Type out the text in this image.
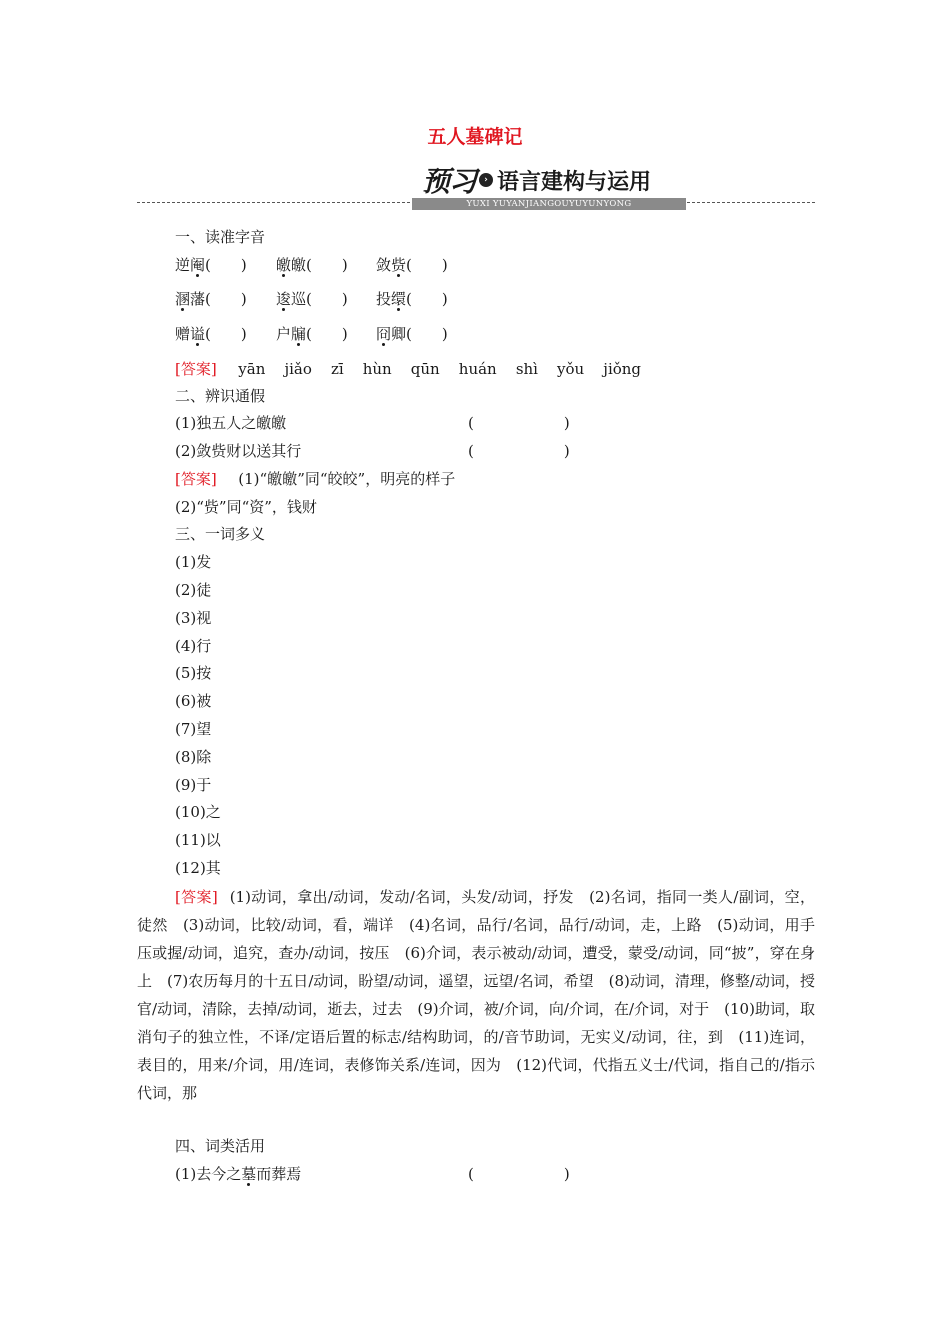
五人墓碑记
预习 › 语言建构与运用
YUXI YUYANJIANGOUYUYUNYONG
一、读准字音
逆阉(　　) 皦皦(　　) 敛赀(　　)
溷藩(　　) 逡巡(　　) 投缳(　　)
赠谥(　　) 户牖(　　) 冏卿(　　)
[答案] yān jiǎo zī hùn qūn huán shì yǒu jiǒng
二、辨识通假
(1)独五人之皦皦	(　　　　　　)
(2)敛赀财以送其行	(　　　　　　)
[答案] (1)“皦皦”同“皎皎”，明亮的样子
(2)“赀”同“资”，钱财
三、一词多义
(1)发
(2)徒
(3)视
(4)行
(5)按
(6)被
(7)望
(8)除
(9)于
(10)之
(11)以
(12)其
[答案] (1)动词，拿出/动词，发动/名词，头发/动词，抒发　(2)名词，指同一类人/副词，空，徒然　(3)动词，比较/动词，看，端详　(4)名词，品行/名词，品行/动词，走，上路　(5)动词，用手压或握/动词，追究，查办/动词，按压　(6)介词，表示被动/动词，遭受，蒙受/动词，同“披”，穿在身上　(7)农历每月的十五日/动词，盼望/动词，遥望，远望/名词，希望　(8)动词，清理，修整/动词，授官/动词，清除，去掉/动词，逝去，过去　(9)介词，被/介词，向/介词，在/介词，对于　(10)助词，取消句子的独立性，不译/定语后置的标志/结构助词，的/音节助词，无实义/动词，往，到　(11)连词，表目的，用来/介词，用/连词，表修饰关系/连词，因为　(12)代词，代指五义士/代词，指自己的/指示代词，那
四、词类活用
(1)去今之墓而葬焉	(　　　　　　)
